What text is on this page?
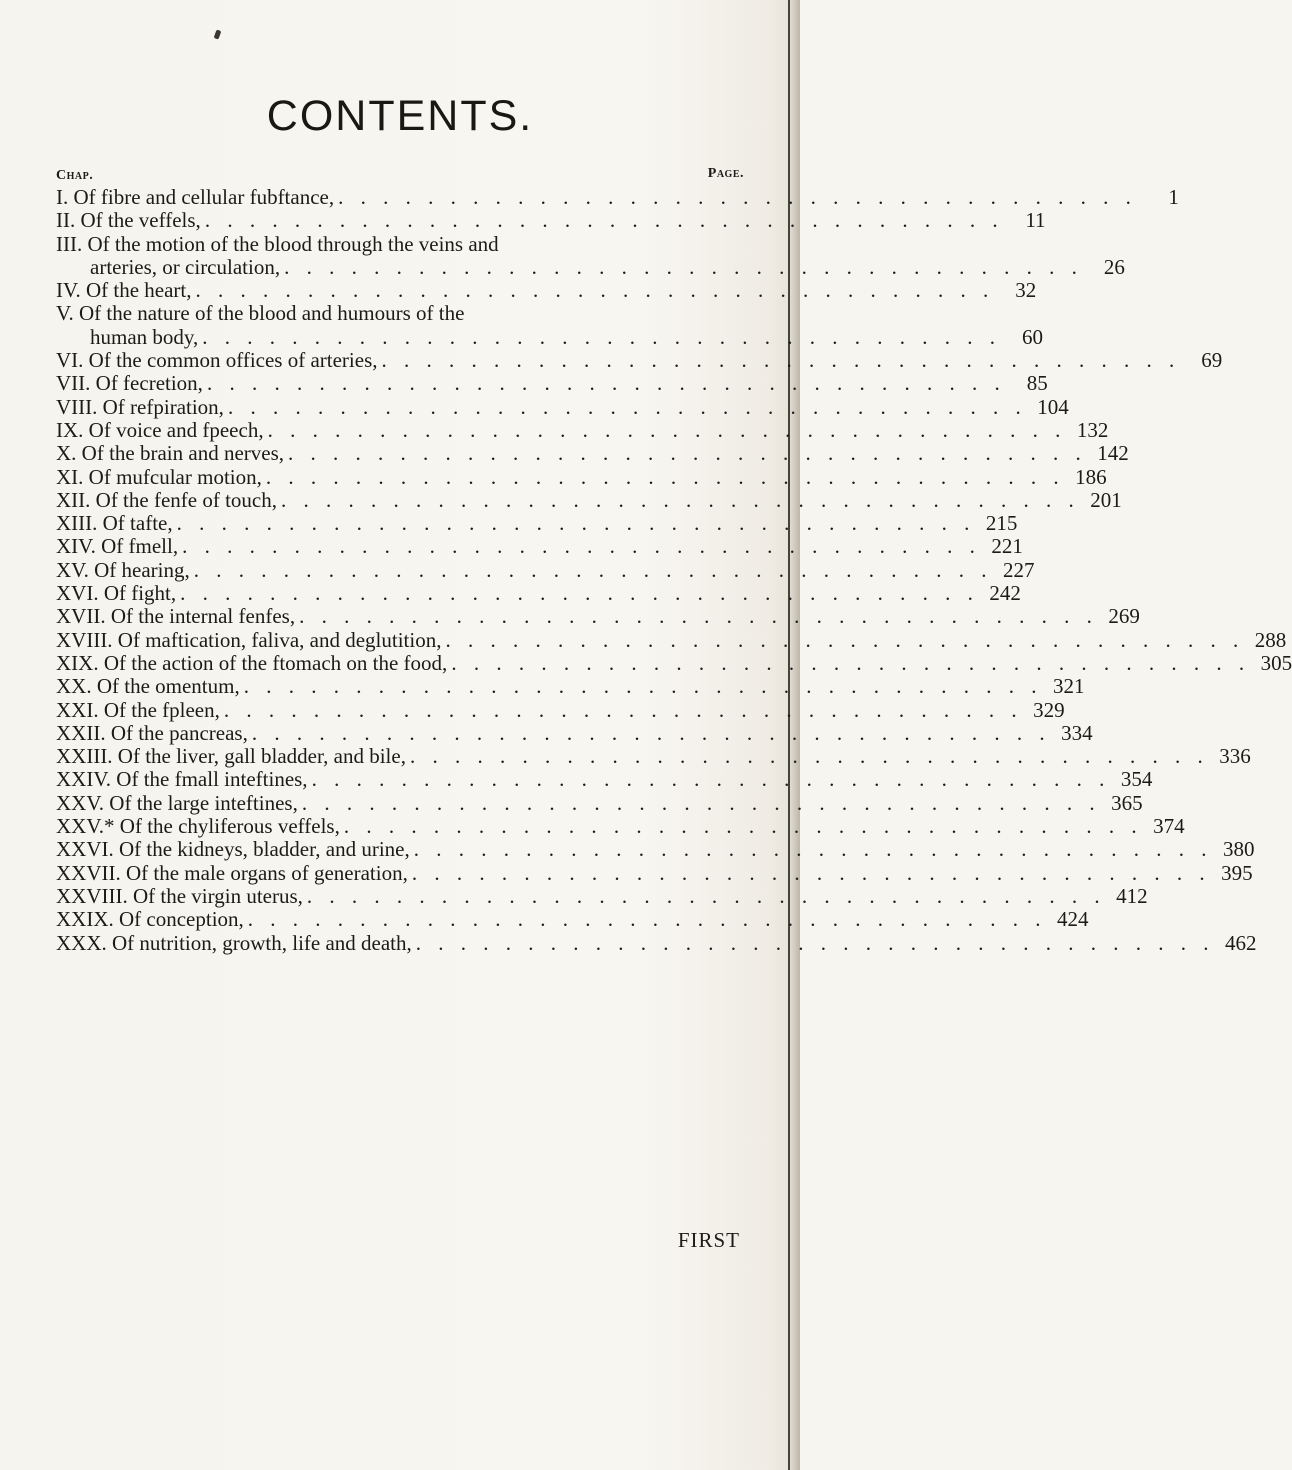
CONTENTS.
Chap.	Page.
I. Of fibre and cellular fubftance, . . . . . . . . . . . . . . . . . . . . . . . . . . . . . . . . . . . .	1
II. Of the veffels, . . . . . . . . . . . . . . . . . . . . . . . . . . . . . . . . . . . .	11
III. Of the motion of the blood through the veins and
arteries, or circulation, . . . . . . . . . . . . . . . . . . . . . . . . . . . . . . . . . . . .	26
IV. Of the heart, . . . . . . . . . . . . . . . . . . . . . . . . . . . . . . . . . . . .	32
V. Of the nature of the blood and humours of the
human body, . . . . . . . . . . . . . . . . . . . . . . . . . . . . . . . . . . . .	60
VI. Of the common offices of arteries, . . . . . . . . . . . . . . . . . . . . . . . . . . . . . . . . . . . .	69
VII. Of fecretion, . . . . . . . . . . . . . . . . . . . . . . . . . . . . . . . . . . . .	85
VIII. Of refpiration, . . . . . . . . . . . . . . . . . . . . . . . . . . . . . . . . . . . . 104
IX. Of voice and fpeech, . . . . . . . . . . . . . . . . . . . . . . . . . . . . . . . . . . . . 132
X. Of the brain and nerves, . . . . . . . . . . . . . . . . . . . . . . . . . . . . . . . . . . . . 142
XI. Of mufcular motion, . . . . . . . . . . . . . . . . . . . . . . . . . . . . . . . . . . . . 186
XII. Of the fenfe of touch, . . . . . . . . . . . . . . . . . . . . . . . . . . . . . . . . . . . . 201
XIII. Of tafte, . . . . . . . . . . . . . . . . . . . . . . . . . . . . . . . . . . . . 215
XIV. Of fmell, . . . . . . . . . . . . . . . . . . . . . . . . . . . . . . . . . . . . 221
XV. Of hearing, . . . . . . . . . . . . . . . . . . . . . . . . . . . . . . . . . . . . 227
XVI. Of fight, . . . . . . . . . . . . . . . . . . . . . . . . . . . . . . . . . . . . 242
XVII. Of the internal fenfes, . . . . . . . . . . . . . . . . . . . . . . . . . . . . . . . . . . . . 269
XVIII. Of maftication, faliva, and deglutition, . . . . . . . . . . . . . . . . . . . . . . . . . . . . . . . . . . . . 288
XIX. Of the action of the ftomach on the food, . . . . . . . . . . . . . . . . . . . . . . . . . . . . . . . . . . . . 305
XX. Of the omentum, . . . . . . . . . . . . . . . . . . . . . . . . . . . . . . . . . . . . 321
XXI. Of the fpleen, . . . . . . . . . . . . . . . . . . . . . . . . . . . . . . . . . . . . 329
XXII. Of the pancreas, . . . . . . . . . . . . . . . . . . . . . . . . . . . . . . . . . . . . 334
XXIII. Of the liver, gall bladder, and bile, . . . . . . . . . . . . . . . . . . . . . . . . . . . . . . . . . . . . 336
XXIV. Of the fmall inteftines, . . . . . . . . . . . . . . . . . . . . . . . . . . . . . . . . . . . . 354
XXV. Of the large inteftines, . . . . . . . . . . . . . . . . . . . . . . . . . . . . . . . . . . . . 365
XXV.* Of the chyliferous veffels, . . . . . . . . . . . . . . . . . . . . . . . . . . . . . . . . . . . . 374
XXVI. Of the kidneys, bladder, and urine, . . . . . . . . . . . . . . . . . . . . . . . . . . . . . . . . . . . . 380
XXVII. Of the male organs of generation, . . . . . . . . . . . . . . . . . . . . . . . . . . . . . . . . . . . . 395
XXVIII. Of the virgin uterus, . . . . . . . . . . . . . . . . . . . . . . . . . . . . . . . . . . . . 412
XXIX. Of conception, . . . . . . . . . . . . . . . . . . . . . . . . . . . . . . . . . . . . 424
XXX. Of nutrition, growth, life and death, . . . . . . . . . . . . . . . . . . . . . . . . . . . . . . . . . . . . 462
FIRST
